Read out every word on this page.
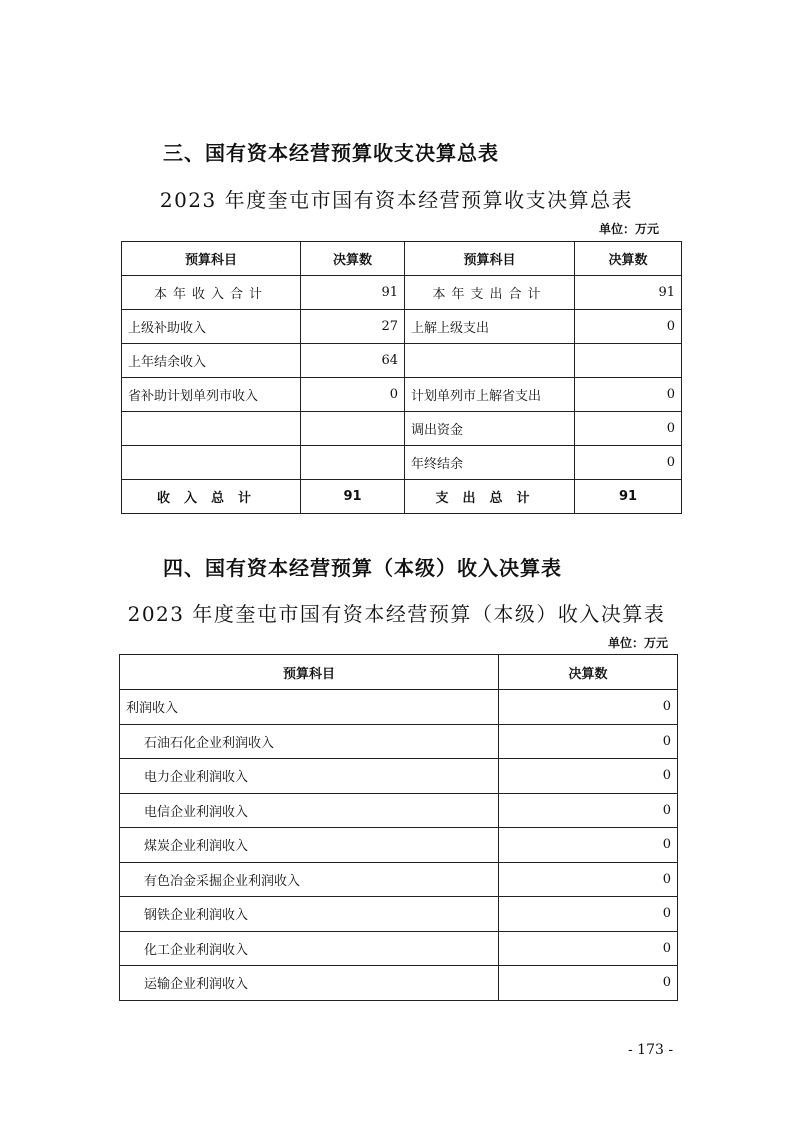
三、国有资本经营预算收支决算总表
2023 年度奎屯市国有资本经营预算收支决算总表
单位：万元
预算科目	决算数	预算科目	决算数
本年收入合计	91	本年支出合计	91
上级补助收入	27	上解上级支出	0
上年结余收入	64		
省补助计划单列市收入	0	计划单列市上解省支出	0
		调出资金	0
		年终结余	0
收入总计	91	支出总计	91
四、国有资本经营预算（本级）收入决算表
2023 年度奎屯市国有资本经营预算（本级）收入决算表
单位：万元
预算科目	决算数
利润收入	0
石油石化企业利润收入	0
电力企业利润收入	0
电信企业利润收入	0
煤炭企业利润收入	0
有色冶金采掘企业利润收入	0
钢铁企业利润收入	0
化工企业利润收入	0
运输企业利润收入	0
- 173 -
